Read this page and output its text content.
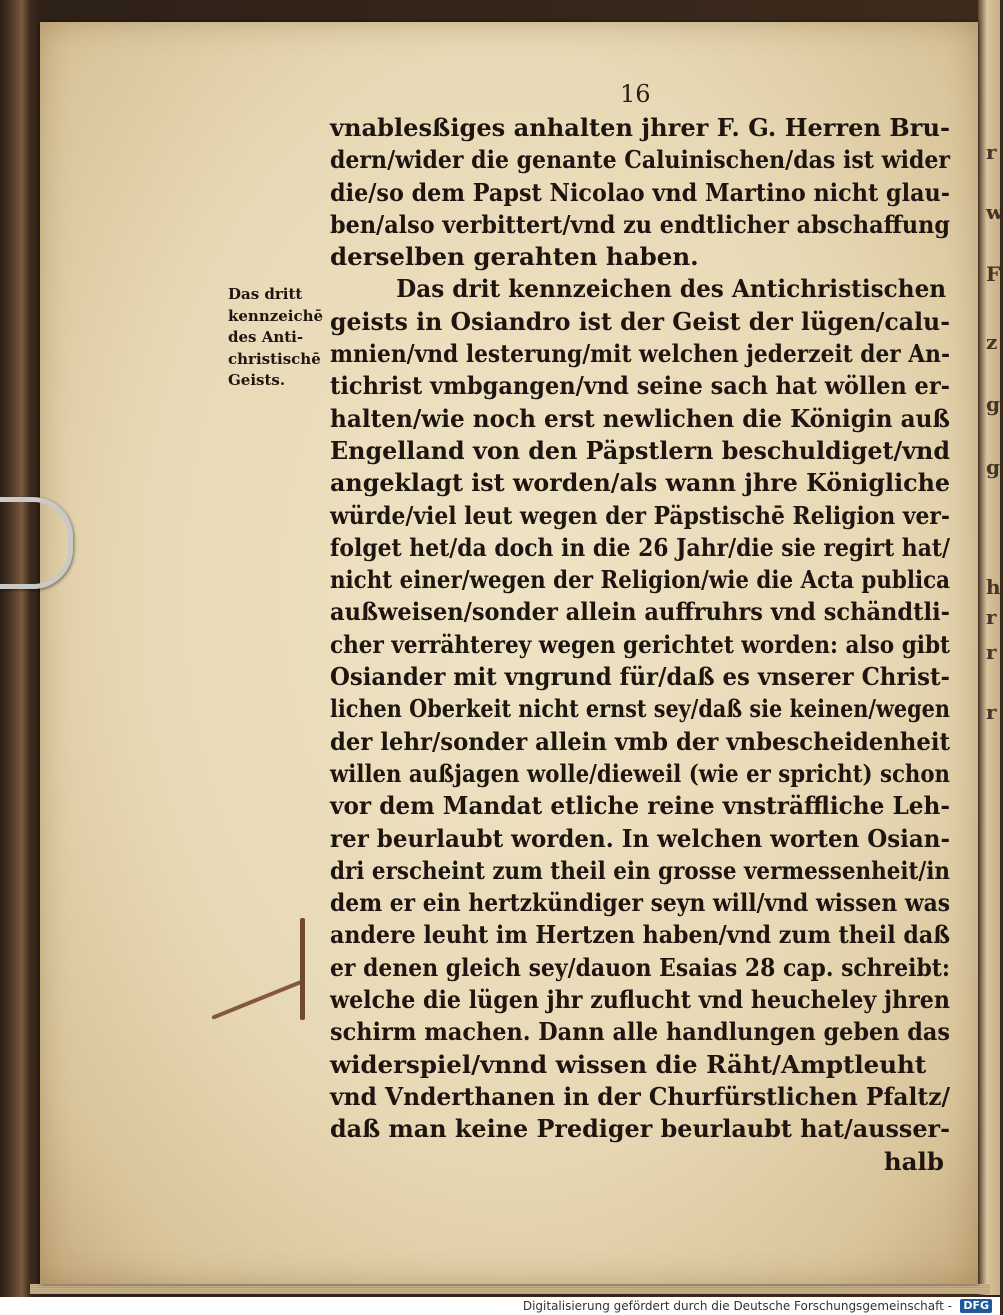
16
Das dritt
kennzeichē
des Anti-
christischē
Geists.
vnablesßiges anhalten jhrer F. G. Herren Bru-
dern/wider die genante Caluinischen/das ist wider
die/so dem Papst Nicolao vnd Martino nicht glau-
ben/also verbittert/vnd zu endtlicher abschaffung
derselben gerahten haben.
Das drit kennzeichen des Antichristischen
geists in Osiandro ist der Geist der lügen/calu-
mnien/vnd lesterung/mit welchen jederzeit der An-
tichrist vmbgangen/vnd seine sach hat wöllen er-
halten/wie noch erst newlichen die Königin auß
Engelland von den Päpstlern beschuldiget/vnd
angeklagt ist worden/als wann jhre Königliche
würde/viel leut wegen der Päpstischē Religion ver-
folget het/da doch in die 26 Jahr/die sie regirt hat/
nicht einer/wegen der Religion/wie die Acta publica
außweisen/sonder allein auffruhrs vnd schändtli-
cher verrähterey wegen gerichtet worden: also gibt
Osiander mit vngrund für/daß es vnserer Christ-
lichen Oberkeit nicht ernst sey/daß sie keinen/wegen
der lehr/sonder allein vmb der vnbescheidenheit
willen außjagen wolle/dieweil (wie er spricht) schon
vor dem Mandat etliche reine vnsträffliche Leh-
rer beurlaubt worden. In welchen worten Osian-
dri erscheint zum theil ein grosse vermessenheit/in
dem er ein hertzkündiger seyn will/vnd wissen was
andere leuht im Hertzen haben/vnd zum theil daß
er denen gleich sey/dauon Esaias 28 cap. schreibt:
welche die lügen jhr zuflucht vnd heucheley jhren
schirm machen. Dann alle handlungen geben das
widerspiel/vnnd wissen die Räht/Amptleuht
vnd Vnderthanen in der Churfürstlichen Pfaltz/
daß man keine Prediger beurlaubt hat/ausser-
halb
r
w
F
z
g
g
h
r
r
r
Digitalisierung gefördert durch die Deutsche Forschungsgemeinschaft - DFG
